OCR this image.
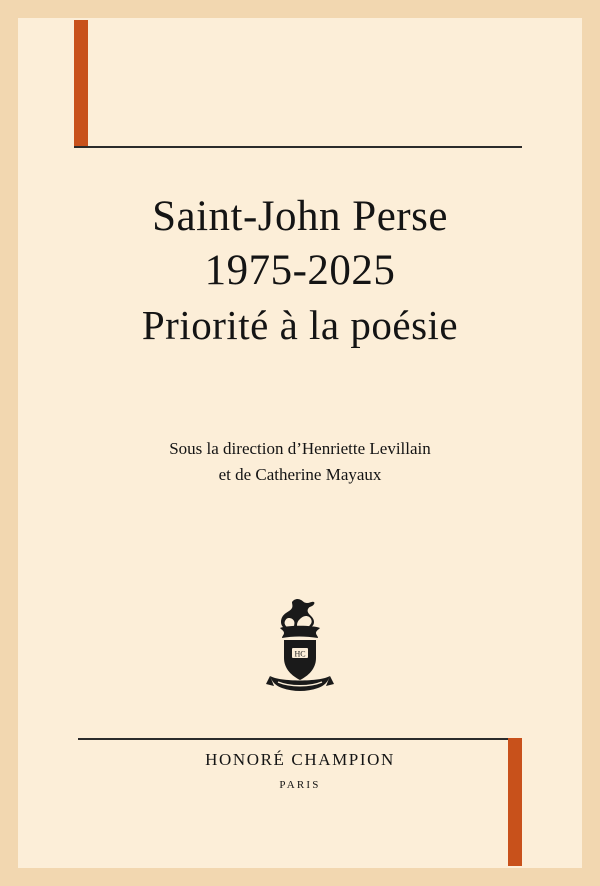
Saint-John Perse
1975-2025
Priorité à la poésie
Sous la direction d’Henriette Levillain
et de Catherine Mayaux
HC
HONORÉ CHAMPION
PARIS
